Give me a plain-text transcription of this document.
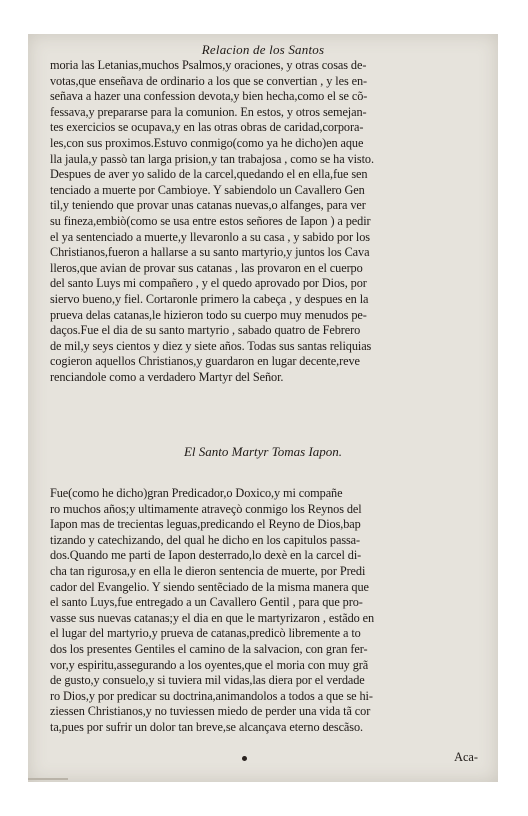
Relacion de los Santos
moria las Letanias,muchos Psalmos,y oraciones, y otras cosas de-
votas,que enseñava de ordinario a los que se convertian , y les en-
señava a hazer una confession devota,y bien hecha,como el se cõ-
fessava,y prepararse para la comunion. En estos, y otros semejan-
tes exercicios se ocupava,y en las otras obras de caridad,corpora-
les,con sus proximos.Estuvo conmigo(como ya he dicho)en aque
lla jaula,y passò tan larga prision,y tan trabajosa , como se ha visto.
Despues de aver yo salido de la carcel,quedando el en ella,fue sen
tenciado a muerte por Cambioye. Y sabiendolo un Cavallero Gen
til,y teniendo que provar unas catanas nuevas,o alfanges, para ver
su fineza,embiò(como se usa entre estos señores de Iapon ) a pedir
el ya sentenciado a muerte,y llevaronlo a su casa , y sabido por los
Christianos,fueron a hallarse a su santo martyrio,y juntos los Cava
lleros,que avian de provar sus catanas , las provaron en el cuerpo
del santo Luys mi compañero , y el quedo aprovado por Dios, por
siervo bueno,y fiel. Cortaronle primero la cabeça , y despues en la
prueva delas catanas,le hizieron todo su cuerpo muy menudos pe-
daços.Fue el dia de su santo martyrio , sabado quatro de Febrero
de mil,y seys cientos y diez y siete años. Todas sus santas reliquias
cogieron aquellos Christianos,y guardaron en lugar decente,reve
renciandole como a verdadero Martyr del Señor.
El Santo Martyr Tomas Iapon.
Fue(como he dicho)gran Predicador,o Doxico,y mi compañe
ro muchos años;y ultimamente atraveçò conmigo los Reynos del
Iapon mas de trecientas leguas,predicando el Reyno de Dios,bap
tizando y catechizando, del qual he dicho en los capitulos passa-
dos.Quando me parti de Iapon desterrado,lo dexè en la carcel di-
cha tan rigurosa,y en ella le dieron sentencia de muerte, por Predi
cador del Evangelio. Y siendo sentẽciado de la misma manera que
el santo Luys,fue entregado a un Cavallero Gentil , para que pro-
vasse sus nuevas catanas;y el dia en que le martyrizaron , estãdo en
el lugar del martyrio,y prueva de catanas,predicò libremente a to
dos los presentes Gentiles el camino de la salvacion, con gran fer-
vor,y espiritu,assegurando a los oyentes,que el moria con muy grã
de gusto,y consuelo,y si tuviera mil vidas,las diera por el verdade
ro Dios,y por predicar su doctrina,animandolos a todos a que se hi-
ziessen Christianos,y no tuviessen miedo de perder una vida tã cor
ta,pues por sufrir un dolor tan breve,se alcançava eterno descãso.
Aca-
